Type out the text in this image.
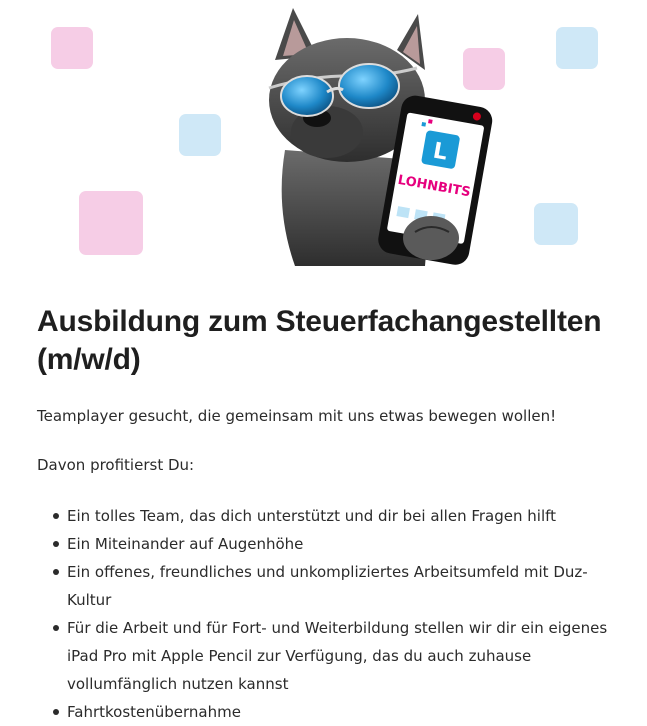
L
LOHNBITS
Ausbildung zum Steuerfachangestellten (m/w/d)

Teamplayer gesucht, die gemeinsam mit uns etwas bewegen wollen!

Davon profitierst Du:

Ein tolles Team, das dich unterstützt und dir bei allen Fragen hilft
Ein Miteinander auf Augenhöhe
Ein offenes, freundliches und unkompliziertes Arbeitsumfeld mit Duz-Kultur
Für die Arbeit und für Fort- und Weiterbildung stellen wir dir ein eigenes iPad Pro mit Apple Pencil zur Verfügung, das du auch zuhause vollumfänglich nutzen kannst
Fahrtkostenübernahme
